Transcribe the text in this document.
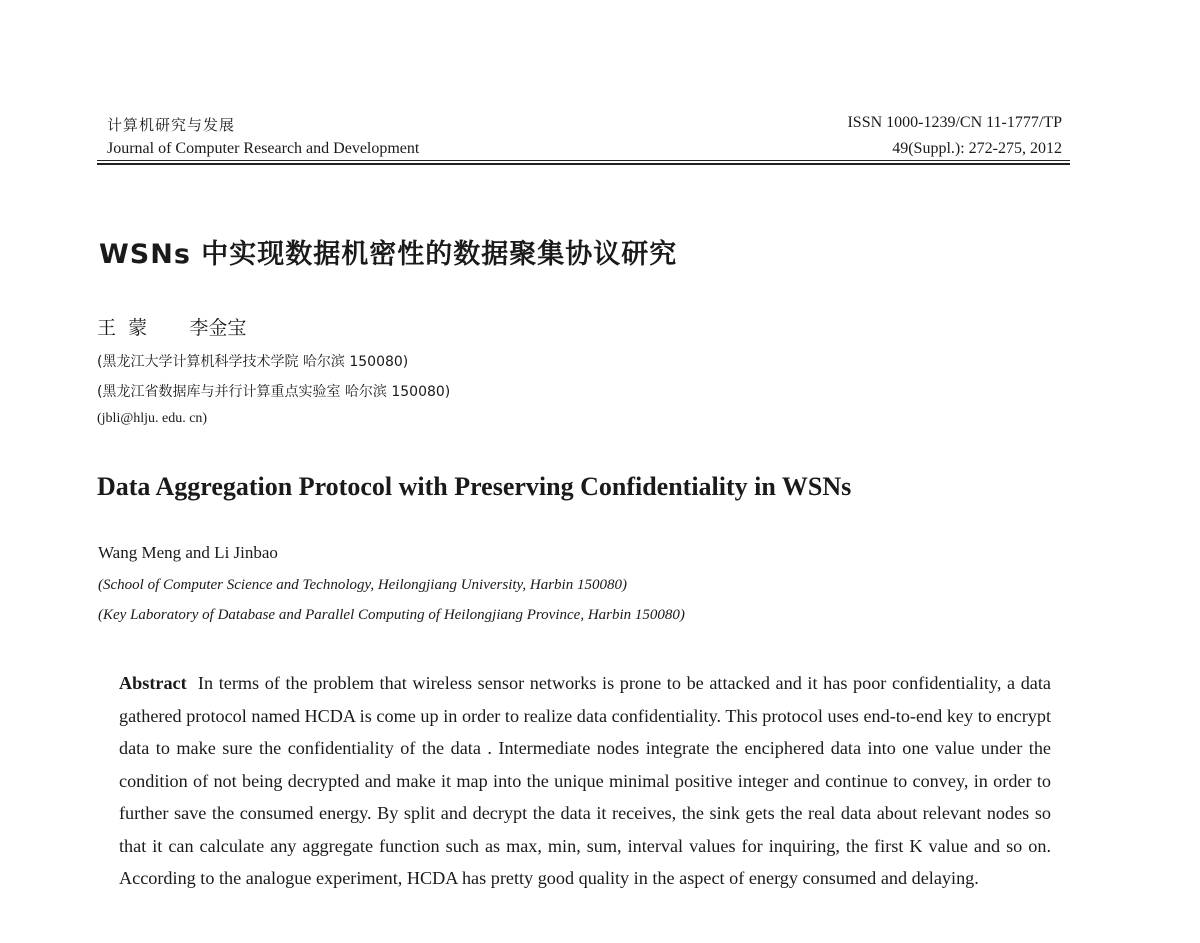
计算机研究与发展
Journal of Computer Research and Development
ISSN 1000-1239/CN 11-1777/TP
49(Suppl.): 272-275, 2012
WSNs 中实现数据机密性的数据聚集协议研究
王  蒙       李金宝
(黑龙江大学计算机科学技术学院 哈尔滨 150080)
(黑龙江省数据库与并行计算重点实验室 哈尔滨 150080)
(jbli@hlju. edu. cn)
Data Aggregation Protocol with Preserving Confidentiality in WSNs
Wang Meng and Li Jinbao
(School of Computer Science and Technology, Heilongjiang University, Harbin 150080)
(Key Laboratory of Database and Parallel Computing of Heilongjiang Province, Harbin 150080)
Abstract In terms of the problem that wireless sensor networks is prone to be attacked and it has poor confidentiality, a data gathered protocol named HCDA is come up in order to realize data confidentiality. This protocol uses end-to-end key to encrypt data to make sure the confidentiality of the data . Intermediate nodes integrate the enciphered data into one value under the condition of not being decrypted and make it map into the unique minimal positive integer and continue to convey, in order to further save the consumed energy. By split and decrypt the data it receives, the sink gets the real data about relevant nodes so that it can calculate any aggregate function such as max, min, sum, interval values for inquiring, the first K value and so on. According to the analogue experiment, HCDA has pretty good quality in the aspect of energy consumed and delaying.
